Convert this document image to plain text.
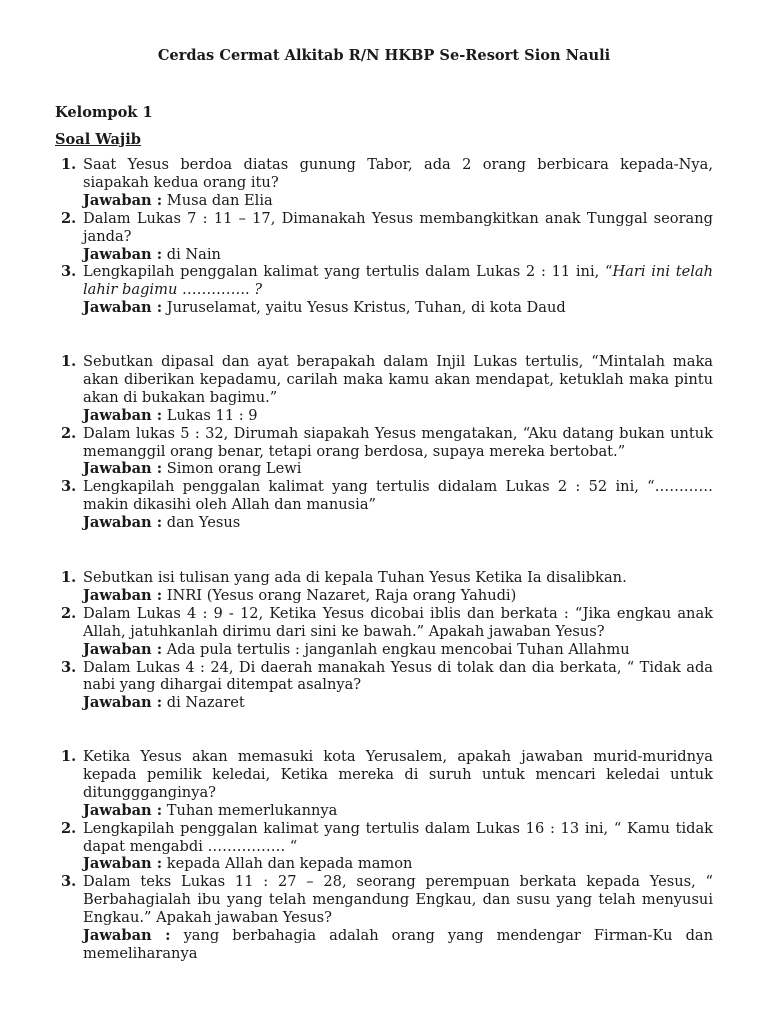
Cerdas Cermat Alkitab R/N HKBP Se-Resort Sion Nauli
Kelompok 1
Soal Wajib
1. Saat Yesus berdoa diatas gunung Tabor, ada 2 orang berbicara kepada-Nya, siapakah kedua orang itu?
Jawaban : Musa dan Elia
2. Dalam Lukas 7 : 11 – 17, Dimanakah Yesus membangkitkan anak Tunggal seorang janda?
Jawaban : di Nain
3. Lengkapilah penggalan kalimat yang tertulis dalam Lukas 2 : 11 ini, “Hari ini telah lahir bagimu ………….. ?
Jawaban : Juruselamat, yaitu Yesus Kristus, Tuhan, di kota Daud
1. Sebutkan dipasal dan ayat berapakah dalam Injil Lukas tertulis, “Mintalah maka akan diberikan kepadamu, carilah maka kamu akan mendapat, ketuklah maka pintu akan di bukakan bagimu.”
Jawaban : Lukas 11 : 9
2. Dalam lukas 5 : 32, Dirumah siapakah Yesus mengatakan, “Aku datang bukan untuk memanggil orang benar, tetapi orang berdosa, supaya mereka bertobat.”
Jawaban : Simon orang Lewi
3. Lengkapilah penggalan kalimat yang tertulis didalam Lukas 2 : 52 ini, “………… makin dikasihi oleh Allah dan manusia”
Jawaban : dan Yesus
1. Sebutkan isi tulisan yang ada di kepala Tuhan Yesus Ketika Ia disalibkan.
Jawaban : INRI (Yesus orang Nazaret, Raja orang Yahudi)
2. Dalam Lukas 4 : 9 - 12, Ketika Yesus dicobai iblis dan berkata : “Jika engkau anak Allah, jatuhkanlah dirimu dari sini ke bawah.” Apakah jawaban Yesus?
Jawaban : Ada pula tertulis : janganlah engkau mencobai Tuhan Allahmu
3. Dalam Lukas 4 : 24, Di daerah manakah Yesus di tolak dan dia berkata, “ Tidak ada nabi yang dihargai ditempat asalnya?
Jawaban : di Nazaret
1. Ketika Yesus akan memasuki kota Yerusalem, apakah jawaban murid-muridnya kepada pemilik keledai, Ketika mereka di suruh untuk mencari keledai untuk ditunggganginya?
Jawaban : Tuhan memerlukannya
2. Lengkapilah penggalan kalimat yang tertulis dalam Lukas 16 : 13 ini, “ Kamu tidak dapat mengabdi ……………. “
Jawaban : kepada Allah dan kepada mamon
3. Dalam teks Lukas 11 : 27 – 28, seorang perempuan berkata kepada Yesus, “ Berbahagialah ibu yang telah mengandung Engkau, dan susu yang telah menyusui Engkau.” Apakah jawaban Yesus?
Jawaban : yang berbahagia adalah orang yang mendengar Firman-Ku dan memeliharanya
